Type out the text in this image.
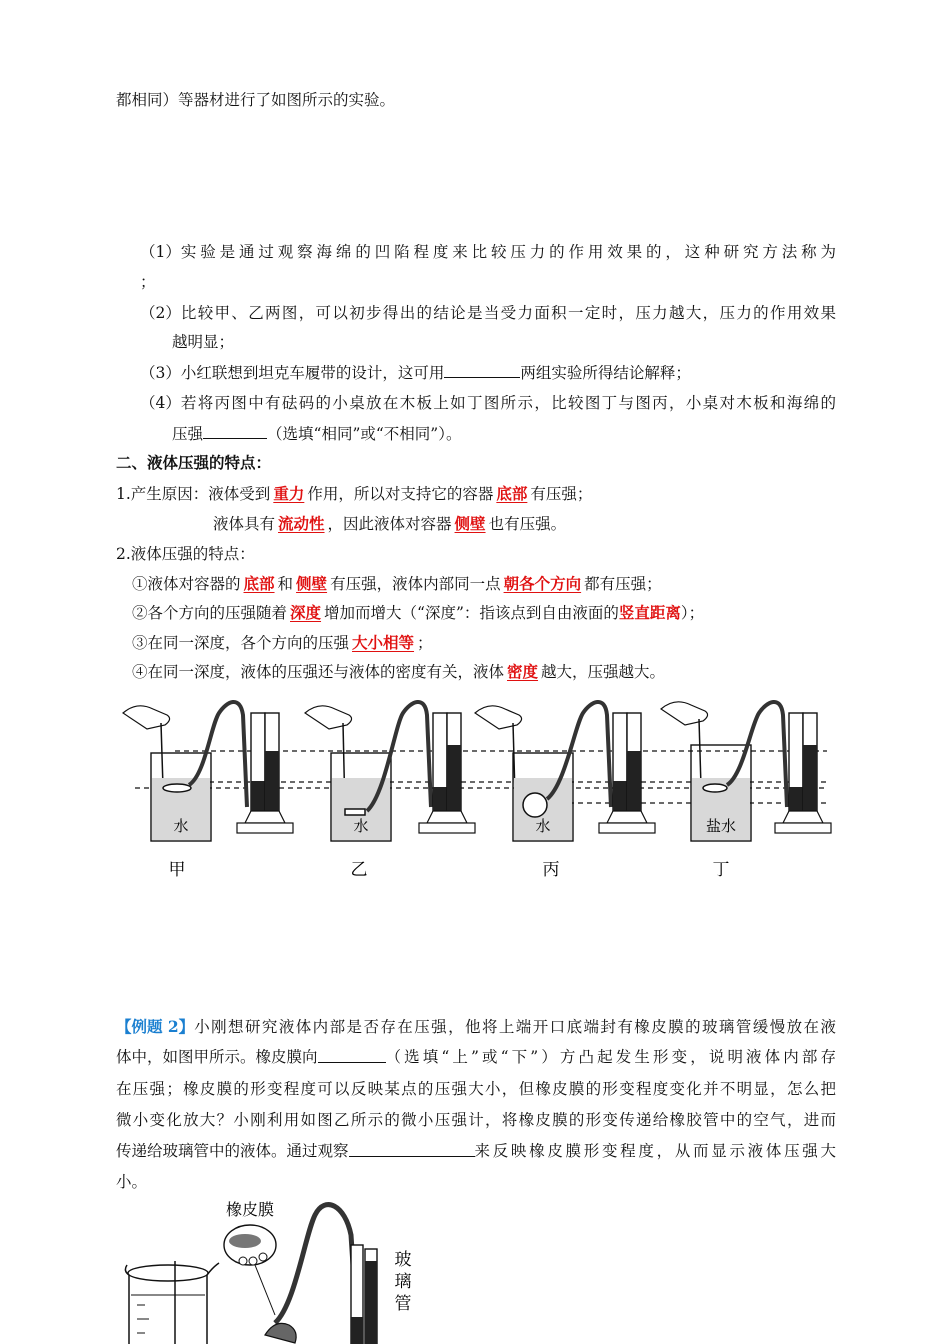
都相同）等器材进行了如图所示的实验。
（1） 实验是通过观察海绵的凹陷程度来比较压力的作用效果的，这种研究方法称为
；
（2） 比较甲、乙两图，可以初步得出的结论是当受力面积一定时，压力越大，压力的作用效果
越明显；
（3）小红联想到坦克车履带的设计，这可用	两组实验所得结论解释；
（4） 若将丙图中有砝码的小桌放在木板上如丁图所示，比较图丁与图丙，小桌对木板和海绵的
压强	（选填“相同”或“不相同”）。
二、液体压强的特点：
1.产生原因：液体受到 重力 作用，所以对支持它的容器 底部 有压强；
液体具有 流动性 ，因此液体对容器 侧壁 也有压强。
2.液体压强的特点：
①液体对容器的 底部 和 侧壁 有压强，液体内部同一点 朝各个方向 都有压强；
②各个方向的压强随着 深度 增加而增大（“深度”：指该点到自由液面的竖直距离）；
③在同一深度，各个方向的压强 大小相等 ；
④在同一深度，液体的压强还与液体的密度有关，液体 密度 越大，压强越大。
水	水	水	盐水
甲	乙	丙	丁
【例题 2】 小刚想研究液体内部是否存在压强，他将上端开口底端封有橡皮膜的玻璃管缓慢放在液
体中，如图甲所示。橡皮膜向	（选填“上”或“下”）方凸起发生形变，说明液体内部存
在压强；橡皮膜的形变程度可以反映某点的压强大小，但橡皮膜的形变程度变化并不明显，怎么把
微小变化放大？小刚利用如图乙所示的微小压强计，将橡皮膜的形变传递给橡胶管中的空气，进而
传递给玻璃管中的液体。通过观察	来反映橡皮膜形变程度，从而显示液体压强大
小。
橡皮膜
玻
璃
管
